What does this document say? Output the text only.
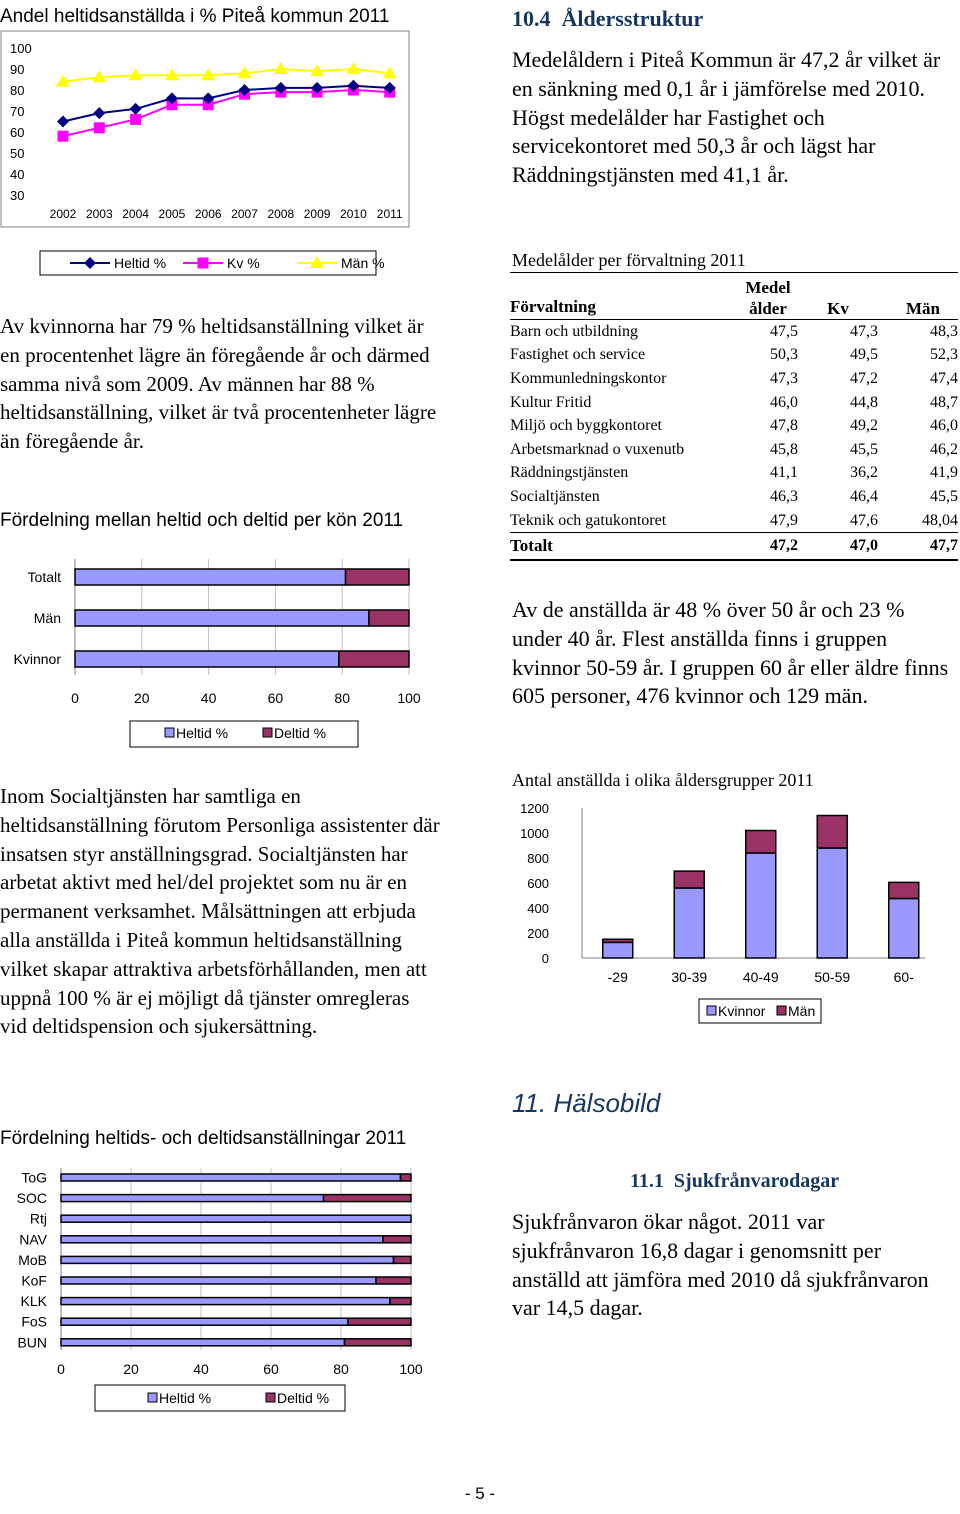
Andel heltidsanställda i % Piteå kommun 2011
100
90
80
70
60
50
40
30
2002 2003 2004 2005 2006 2007 2008 2009 2010 2011
Heltid %	Kv %	Män %

Av kvinnorna har 79 % heltidsanställning vilket är en procentenhet lägre än föregående år och därmed samma nivå som 2009. Av männen har 88 % heltidsanställning, vilket är två procentenheter lägre än föregående år.

Fördelning mellan heltid och deltid per kön 2011
Totalt
Män
Kvinnor
0	20	40	60	80	100
Heltid %	Deltid %

Inom Socialtjänsten har samtliga en heltidsanställning förutom Personliga assistenter där insatsen styr anställningsgrad. Socialtjänsten har arbetat aktivt med hel/del projektet som nu är en permanent verksamhet. Målsättningen att erbjuda alla anställda i Piteå kommun heltidsanställning vilket skapar attraktiva arbetsförhållanden, men att uppnå 100 % är ej möjligt då tjänster omregleras vid deltidspension och sjukersättning.

Fördelning heltids- och deltidsanställningar 2011
ToG
SOC
Rtj
NAV
MoB
KoF
KLK
FoS
BUN
0	20	40	60	80	100
Heltid %	Deltid %
10.4 Åldersstruktur

Medelåldern i Piteå Kommun är 47,2 år vilket är en sänkning med 0,1 år i jämförelse med 2010. Högst medelålder har Fastighet och servicekontoret med 50,3 år och lägst har Räddningstjänsten med 41,1 år.

Medelålder per förvaltning 2011
Förvaltning	Medel
ålder	Kv	Män
Barn och utbildning	47,5	47,3	48,3
Fastighet och service	50,3	49,5	52,3
Kommunledningskontor	47,3	47,2	47,4
Kultur Fritid	46,0	44,8	48,7
Miljö och byggkontoret	47,8	49,2	46,0
Arbetsmarknad o vuxenutb	45,8	45,5	46,2
Räddningstjänsten	41,1	36,2	41,9
Socialtjänsten	46,3	46,4	45,5
Teknik och gatukontoret	47,9	47,6	48,04
Totalt	47,2	47,0	47,7

Av de anställda är 48 % över 50 år och 23 % under 40 år. Flest anställda finns i gruppen kvinnor 50-59 år. I gruppen 60 år eller äldre finns 605 personer, 476 kvinnor och 129 män.

Antal anställda i olika åldersgrupper 2011
1200
1000
800
600
400
200
0
-29	30-39	40-49	50-59	60-
Kvinnor Män
11. Hälsobild
11.1 Sjukfrånvarodagar

Sjukfrånvaron ökar något. 2011 var sjukfrånvaron 16,8 dagar i genomsnitt per anställd att jämföra med 2010 då sjukfrånvaron var 14,5 dagar.

- 5 -
